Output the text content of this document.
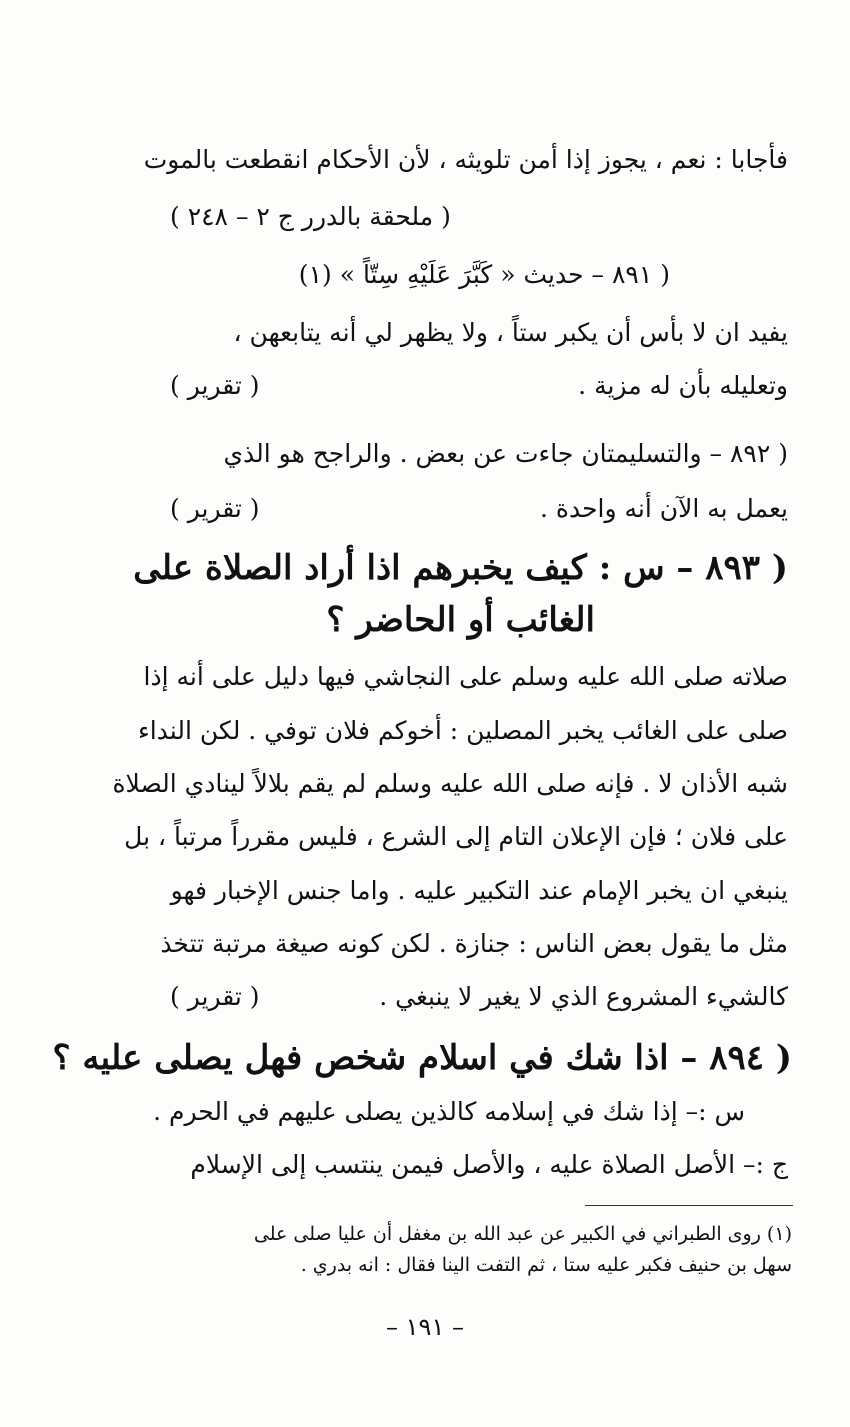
فأجابا : نعم ، يجوز إذا أمن تلويثه ، لأن الأحكام انقطعت بالموت
( ملحقة بالدرر ج ٢ – ٢٤٨ )
( ٨٩١ – حديث « كَبَّرَ عَلَيْهِ سِتّاً » (١)
يفيد ان لا بأس أن يكبر ستاً ، ولا يظهر لي أنه يتابعهن ،
وتعليله بأن له مزية .
( تقرير )
( ٨٩٢ – والتسليمتان جاءت عن بعض . والراجح هو الذي
يعمل به الآن أنه واحدة .
( تقرير )
( ٨٩٣ – س : كيف يخبرهم اذا أراد الصلاة على
الغائب أو الحاضر ؟
صلاته صلى الله عليه وسلم على النجاشي فيها دليل على أنه إذا
صلى على الغائب يخبر المصلين : أخوكم فلان توفي . لكن النداء
شبه الأذان لا . فإنه صلى الله عليه وسلم لم يقم بلالاً لينادي الصلاة
على فلان ؛ فإن الإعلان التام إلى الشرع ، فليس مقرراً مرتباً ، بل
ينبغي ان يخبر الإمام عند التكبير عليه . واما جنس الإخبار فهو
مثل ما يقول بعض الناس : جنازة . لكن كونه صيغة مرتبة تتخذ
كالشيء المشروع الذي لا يغير لا ينبغي .
( تقرير )
( ٨٩٤ – اذا شك في اسلام شخص فهل يصلى عليه ؟
س :– إذا شك في إسلامه كالذين يصلى عليهم في الحرم .
ج :– الأصل الصلاة عليه ، والأصل فيمن ينتسب إلى الإسلام
(١) روى الطبراني في الكبير عن عبد الله بن مغفل أن عليا صلى على
سهل بن حنيف فكبر عليه ستا ، ثم التفت الينا فقال : انه بدري .
– ١٩١ –
